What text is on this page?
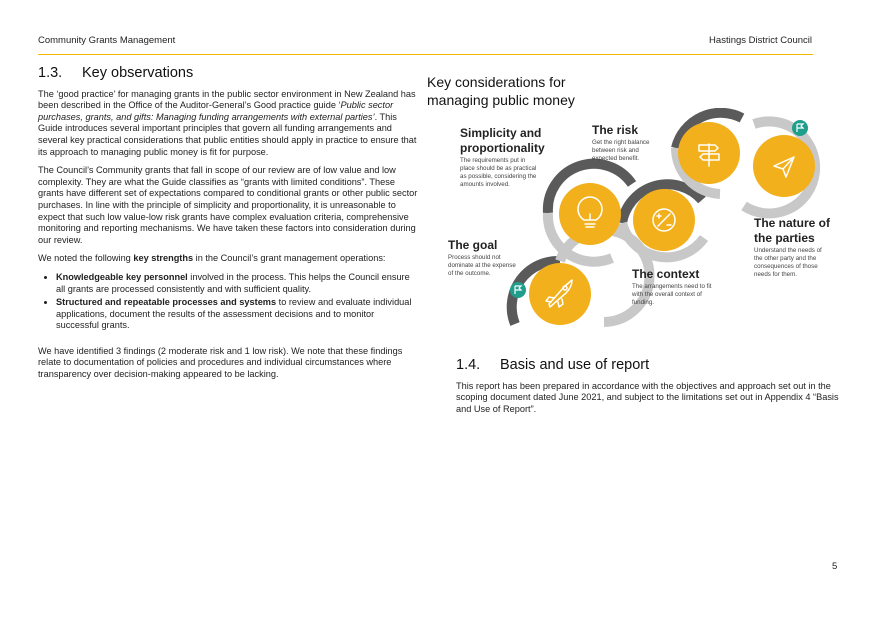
Community Grants Management	Hastings District Council
1.3. Key observations

The ‘good practice’ for managing grants in the public sector environment in New Zealand has been described in the Office of the Auditor-General’s Good practice guide ‘Public sector purchases, grants, and gifts: Managing funding arrangements with external parties’. This Guide introduces several important principles that govern all funding arrangements and several key practical considerations that public entities should apply in practice to ensure that its approach to managing public money is fit for purpose.

The Council’s Community grants that fall in scope of our review are of low value and low complexity. They are what the Guide classifies as “grants with limited conditions”. These grants have different set of expectations compared to conditional grants or other public sector purchases. In line with the principle of simplicity and proportionality, it is unreasonable to expect that such low value-low risk grants have complex evaluation criteria, comprehensive monitoring and reporting mechanisms. We have taken these factors into consideration during our review.

We noted the following key strengths in the Council’s grant management operations:

• Knowledgeable key personnel involved in the process. This helps the Council ensure all grants are processed consistently and with sufficient quality.
• Structured and repeatable processes and systems to review and evaluate individual applications, document the results of the assessment decisions and to monitor successful grants.

We have identified 3 findings (2 moderate risk and 1 low risk). We note that these findings relate to documentation of policies and procedures and individual circumstances where transparency over decision-making appeared to be lacking.

Key considerations for managing public money
Simplicity and
proportionality
The requirements put in
place should be as practical
as possible, considering the
amounts involved.
The risk
Get the right balance
between risk and
expected benefit.
The goal
Process should not
dominate at the expense
of the outcome.	The context
The arrangements need to fit
with the overall context of
funding.
The nature of
the parties
Understand the needs of
the other party and the
consequences of those
needs for them.
1.4. Basis and use of report

This report has been prepared in accordance with the objectives and approach set out in the scoping document dated June 2021, and subject to the limitations set out in Appendix 4 “Basis and Use of Report”.

5
